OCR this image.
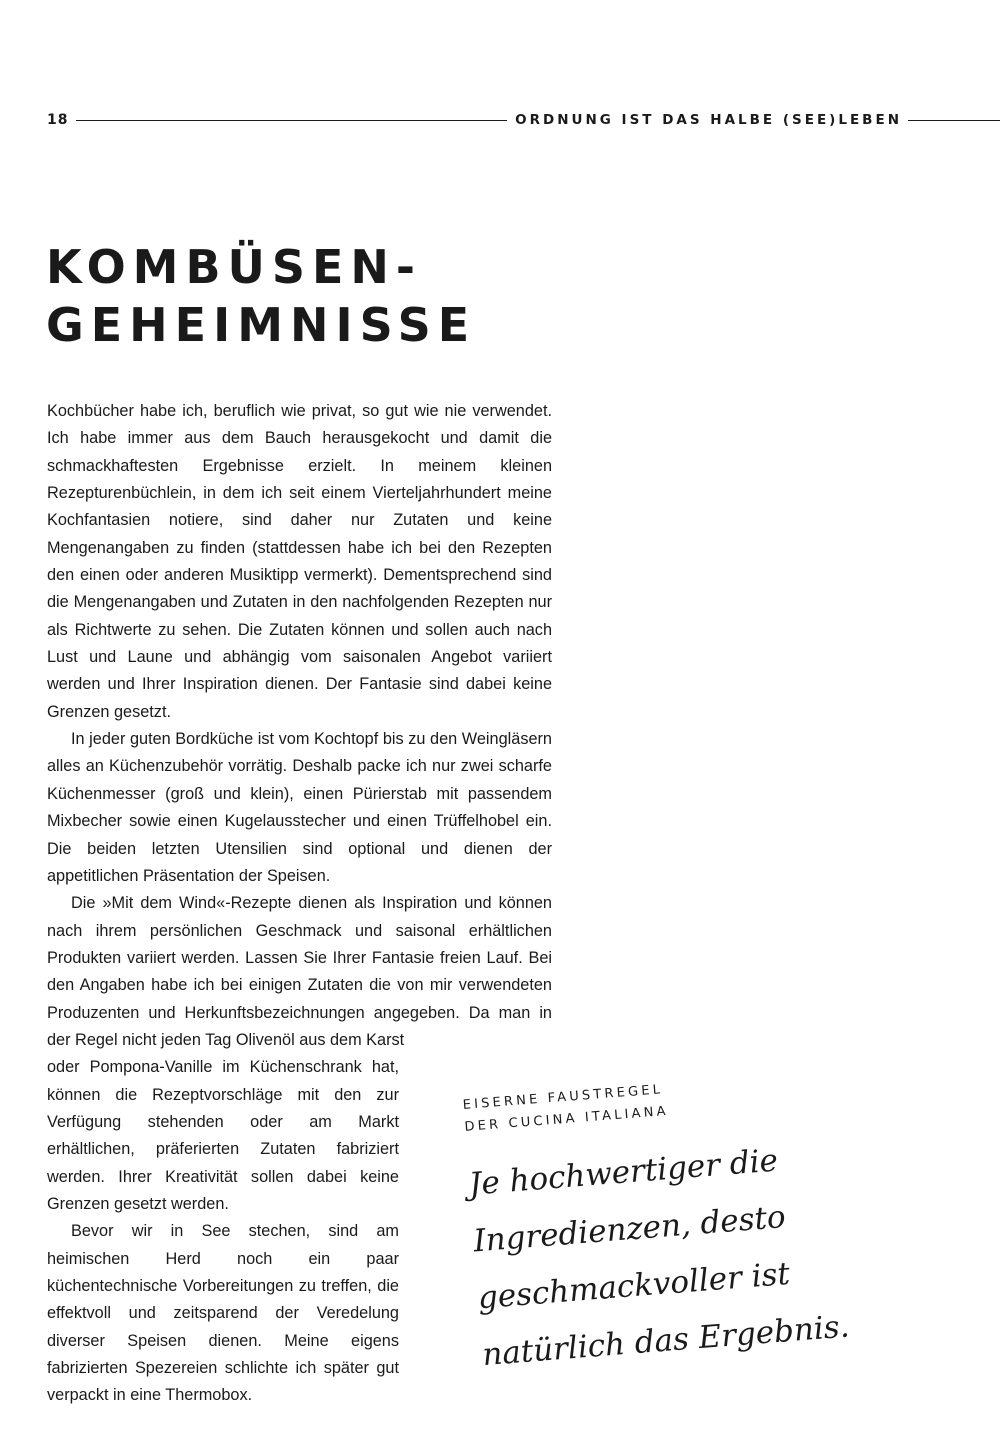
18	ORDNUNG IST DAS HALBE (SEE)LEBEN
KOMBÜSEN-
GEHEIMNISSE

Kochbücher habe ich, beruflich wie privat, so gut wie nie verwendet. Ich habe immer aus dem Bauch herausgekocht und damit die schmackhaftesten Ergebnisse erzielt. In meinem kleinen Rezepturenbüchlein, in dem ich seit einem Vierteljahrhundert meine Kochfantasien notiere, sind daher nur Zutaten und keine Mengenangaben zu finden (stattdessen habe ich bei den Rezepten den einen oder anderen Musiktipp vermerkt). Dementsprechend sind die Mengenangaben und Zutaten in den nachfolgenden Rezepten nur als Richtwerte zu sehen. Die Zutaten können und sollen auch nach Lust und Laune und abhängig vom saisonalen Angebot variiert werden und Ihrer Inspiration dienen. Der Fantasie sind dabei keine Grenzen gesetzt.

In jeder guten Bordküche ist vom Kochtopf bis zu den Weingläsern alles an Küchenzubehör vorrätig. Deshalb packe ich nur zwei scharfe Küchenmesser (groß und klein), einen Pürierstab mit passendem Mixbecher sowie einen Kugelausstecher und einen Trüffelhobel ein. Die beiden letzten Utensilien sind optional und dienen der appetitlichen Präsentation der Speisen.

Die »Mit dem Wind«-Rezepte dienen als Inspiration und können nach ihrem persönlichen Geschmack und saisonal erhältlichen Produkten variiert werden. Lassen Sie Ihrer Fantasie freien Lauf. Bei den Angaben habe ich bei einigen Zutaten die von mir verwendeten Produzenten und Herkunftsbezeichnungen angegeben. Da man in der Regel nicht jeden Tag Olivenöl aus dem Karst

oder Pompona-Vanille im Küchenschrank hat, können die Rezeptvorschläge mit den zur Verfügung stehenden oder am Markt erhältlichen, präferierten Zutaten fabriziert werden. Ihrer Kreativität sollen dabei keine Grenzen gesetzt werden.

Bevor wir in See stechen, sind am heimischen Herd noch ein paar küchentechnische Vorbereitungen zu treffen, die effektvoll und zeitsparend der Veredelung diverser Speisen dienen. Meine eigens fabrizierten Spezereien schlichte ich später gut verpackt in eine Thermobox.

EISERNE FAUSTREGEL
DER CUCINA ITALIANA
Je hochwertiger die
Ingredienzen, desto
geschmackvoller ist
natürlich das Ergebnis.
